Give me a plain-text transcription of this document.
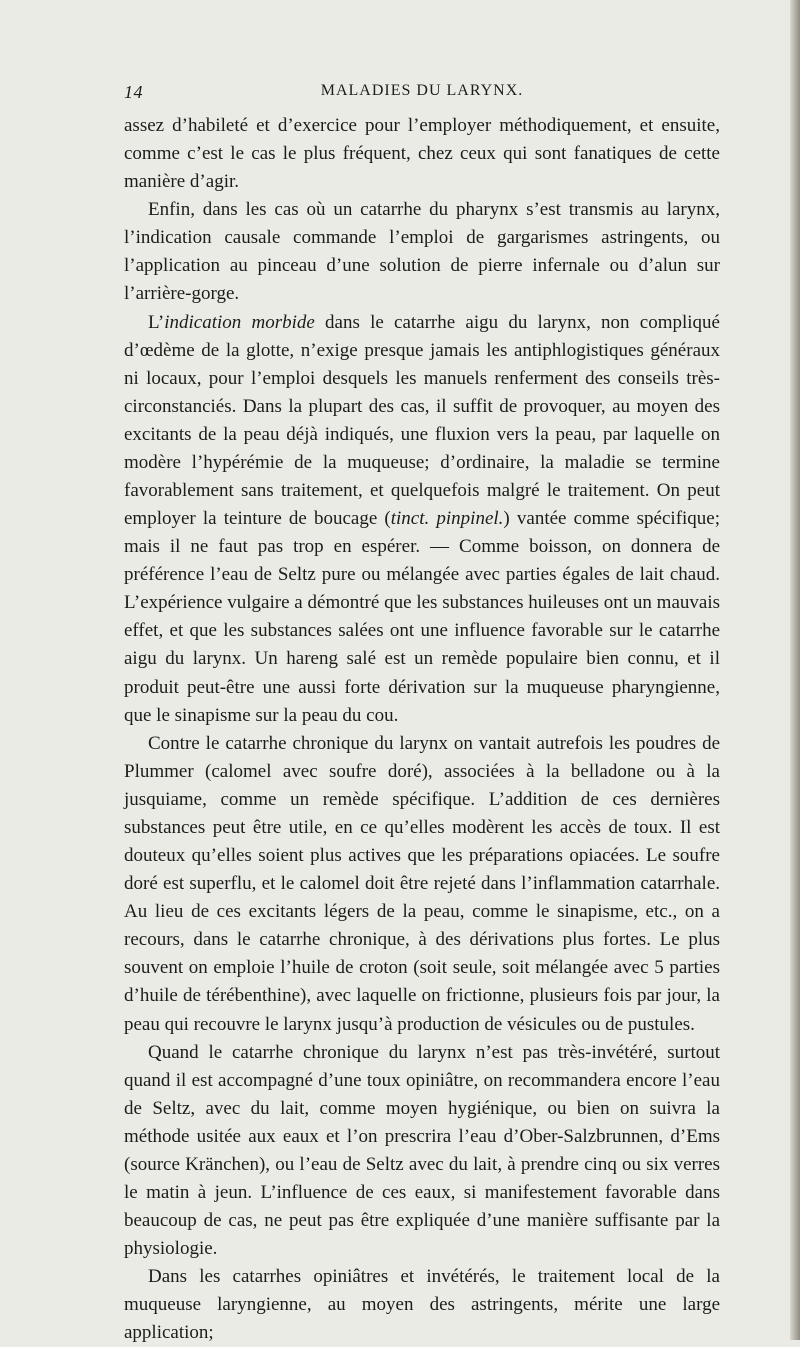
14	MALADIES DU LARYNX.

assez d’habileté et d’exercice pour l’employer méthodiquement, et ensuite, comme c’est le cas le plus fréquent, chez ceux qui sont fanatiques de cette manière d’agir.

Enfin, dans les cas où un catarrhe du pharynx s’est transmis au larynx, l’indication causale commande l’emploi de gargarismes astringents, ou l’application au pinceau d’une solution de pierre infernale ou d’alun sur l’arrière-gorge.

L’indication morbide dans le catarrhe aigu du larynx, non compliqué d’œdème de la glotte, n’exige presque jamais les antiphlogistiques généraux ni locaux, pour l’emploi desquels les manuels renferment des conseils très-circonstanciés. Dans la plupart des cas, il suffit de provoquer, au moyen des excitants de la peau déjà indiqués, une fluxion vers la peau, par laquelle on modère l’hypérémie de la muqueuse; d’ordinaire, la maladie se termine favorablement sans traitement, et quelquefois malgré le traitement. On peut employer la teinture de boucage (tinct. pinpinel.) vantée comme spécifique; mais il ne faut pas trop en espérer. — Comme boisson, on donnera de préférence l’eau de Seltz pure ou mélangée avec parties égales de lait chaud. L’expérience vulgaire a démontré que les substances huileuses ont un mauvais effet, et que les substances salées ont une influence favorable sur le catarrhe aigu du larynx. Un hareng salé est un remède populaire bien connu, et il produit peut-être une aussi forte dérivation sur la muqueuse pharyngienne, que le sinapisme sur la peau du cou.

Contre le catarrhe chronique du larynx on vantait autrefois les poudres de Plummer (calomel avec soufre doré), associées à la belladone ou à la jusquiame, comme un remède spécifique. L’addition de ces dernières substances peut être utile, en ce qu’elles modèrent les accès de toux. Il est douteux qu’elles soient plus actives que les préparations opiacées. Le soufre doré est superflu, et le calomel doit être rejeté dans l’inflammation catarrhale. Au lieu de ces excitants légers de la peau, comme le sinapisme, etc., on a recours, dans le catarrhe chronique, à des dérivations plus fortes. Le plus souvent on emploie l’huile de croton (soit seule, soit mélangée avec 5 parties d’huile de térébenthine), avec laquelle on frictionne, plusieurs fois par jour, la peau qui recouvre le larynx jusqu’à production de vésicules ou de pustules.

Quand le catarrhe chronique du larynx n’est pas très-invétéré, surtout quand il est accompagné d’une toux opiniâtre, on recommandera encore l’eau de Seltz, avec du lait, comme moyen hygiénique, ou bien on suivra la méthode usitée aux eaux et l’on prescrira l’eau d’Ober-Salzbrunnen, d’Ems (source Kränchen), ou l’eau de Seltz avec du lait, à prendre cinq ou six verres le matin à jeun. L’influence de ces eaux, si manifestement favorable dans beaucoup de cas, ne peut pas être expliquée d’une manière suffisante par la physiologie.

Dans les catarrhes opiniâtres et invétérés, le traitement local de la muqueuse laryngienne, au moyen des astringents, mérite une large application;
